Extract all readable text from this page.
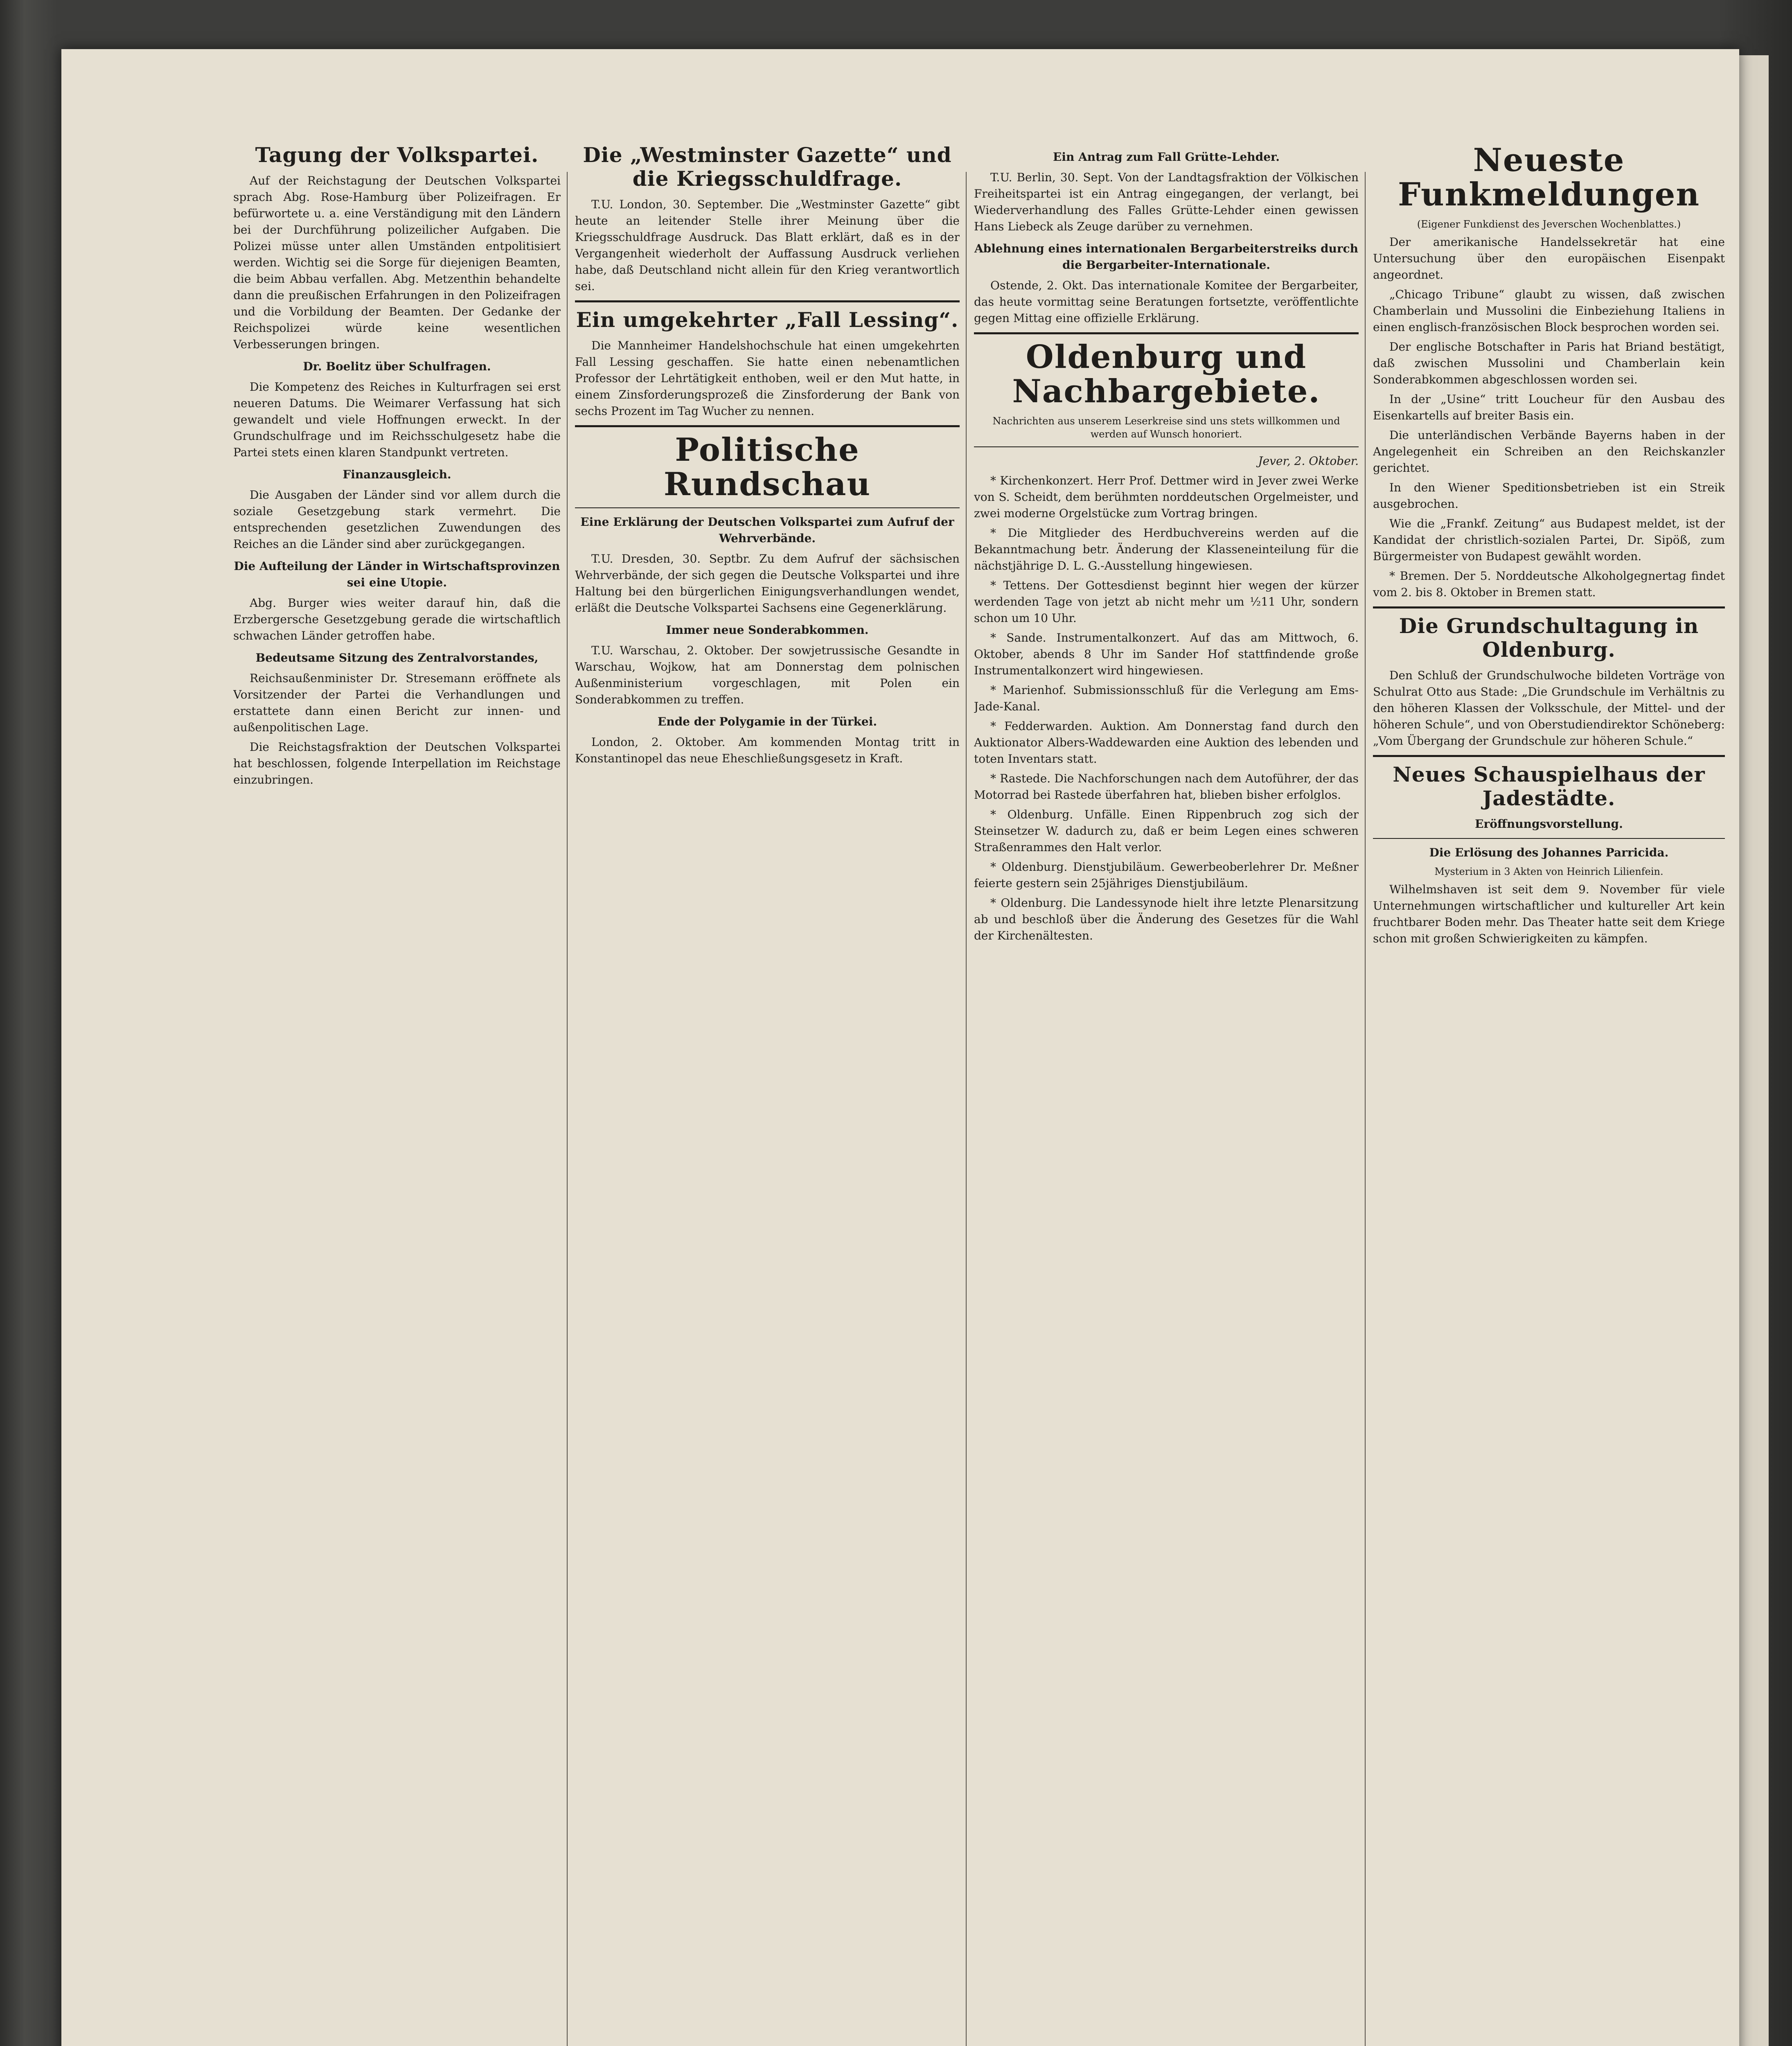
Tagung der Volkspartei.

Auf der Reichstagung der Deutschen Volkspartei sprach Abg. Rose-Hamburg über Polizeifragen. Er befürwortete u. a. eine Verständigung mit den Ländern bei der Durchführung polizeilicher Aufgaben. Die Polizei müsse unter allen Umständen entpolitisiert werden. Wichtig sei die Sorge für diejenigen Beamten, die beim Abbau verfallen. Abg. Metzenthin behandelte dann die preußischen Erfahrungen in den Polizeifragen und die Vorbildung der Beamten. Der Gedanke der Reichspolizei würde keine wesentlichen Verbesserungen bringen.

Dr. Boelitz über Schulfragen.

Die Kompetenz des Reiches in Kulturfragen sei erst neueren Datums. Die Weimarer Verfassung hat sich gewandelt und viele Hoffnungen erweckt. In der Grundschulfrage und im Reichsschulgesetz habe die Partei stets einen klaren Standpunkt vertreten.

Finanzausgleich.

Die Ausgaben der Länder sind vor allem durch die soziale Gesetzgebung stark vermehrt. Die entsprechenden gesetzlichen Zuwendungen des Reiches an die Länder sind aber zurückgegangen.

Die Aufteilung der Länder in Wirtschaftsprovinzen sei eine Utopie.

Abg. Burger wies weiter darauf hin, daß die Erzbergersche Gesetzgebung gerade die wirtschaftlich schwachen Länder getroffen habe.

Bedeutsame Sitzung des Zentralvorstandes,

Reichsaußenminister Dr. Stresemann eröffnete als Vorsitzender der Partei die Verhandlungen und erstattete dann einen Bericht zur innen- und außenpolitischen Lage.

Die Reichstagsfraktion der Deutschen Volkspartei hat beschlossen, folgende Interpellation im Reichstage einzubringen.

Die „Westminster Gazette“ und die Kriegsschuldfrage.

T.U. London, 30. September. Die „Westminster Gazette“ gibt heute an leitender Stelle ihrer Meinung über die Kriegsschuldfrage Ausdruck. Das Blatt erklärt, daß es in der Vergangenheit wiederholt der Auffassung Ausdruck verliehen habe, daß Deutschland nicht allein für den Krieg verantwortlich sei.

Ein umgekehrter „Fall Lessing“.

Die Mannheimer Handelshochschule hat einen umgekehrten Fall Lessing geschaffen. Sie hatte einen nebenamtlichen Professor der Lehrtätigkeit enthoben, weil er den Mut hatte, in einem Zinsforderungsprozeß die Zinsforderung der Bank von sechs Prozent im Tag Wucher zu nennen.

Politische Rundschau
Eine Erklärung der Deutschen Volkspartei zum Aufruf der Wehrverbände.

T.U. Dresden, 30. Septbr. Zu dem Aufruf der sächsischen Wehrverbände, der sich gegen die Deutsche Volkspartei und ihre Haltung bei den bürgerlichen Einigungsverhandlungen wendet, erläßt die Deutsche Volkspartei Sachsens eine Gegenerklärung.

Immer neue Sonderabkommen.

T.U. Warschau, 2. Oktober. Der sowjetrussische Gesandte in Warschau, Wojkow, hat am Donnerstag dem polnischen Außenministerium vorgeschlagen, mit Polen ein Sonderabkommen zu treffen.

Ende der Polygamie in der Türkei.

London, 2. Oktober. Am kommenden Montag tritt in Konstantinopel das neue Eheschließungsgesetz in Kraft.

Ein Antrag zum Fall Grütte-Lehder.

T.U. Berlin, 30. Sept. Von der Landtagsfraktion der Völkischen Freiheitspartei ist ein Antrag eingegangen, der verlangt, bei Wiederverhandlung des Falles Grütte-Lehder einen gewissen Hans Liebeck als Zeuge darüber zu vernehmen.

Ablehnung eines internationalen Bergarbeiterstreiks durch die Bergarbeiter-Internationale.

Ostende, 2. Okt. Das internationale Komitee der Bergarbeiter, das heute vormittag seine Beratungen fortsetzte, veröffentlichte gegen Mittag eine offizielle Erklärung.

Oldenburg und Nachbargebiete.

Nachrichten aus unserem Leserkreise sind uns stets willkommen und werden auf Wunsch honoriert.

Jever, 2. Oktober.

* Kirchenkonzert. Herr Prof. Dettmer wird in Jever zwei Werke von S. Scheidt, dem berühmten norddeutschen Orgelmeister, und zwei moderne Orgelstücke zum Vortrag bringen.

* Die Mitglieder des Herdbuchvereins werden auf die Bekanntmachung betr. Änderung der Klasseneinteilung für die nächstjährige D. L. G.-Ausstellung hingewiesen.

* Tettens. Der Gottesdienst beginnt hier wegen der kürzer werdenden Tage von jetzt ab nicht mehr um ½11 Uhr, sondern schon um 10 Uhr.

* Sande. Instrumentalkonzert. Auf das am Mittwoch, 6. Oktober, abends 8 Uhr im Sander Hof stattfindende große Instrumentalkonzert wird hingewiesen.

* Marienhof. Submissionsschluß für die Verlegung am Ems-Jade-Kanal.

* Fedderwarden. Auktion. Am Donnerstag fand durch den Auktionator Albers-Waddewarden eine Auktion des lebenden und toten Inventars statt.

* Rastede. Die Nachforschungen nach dem Autoführer, der das Motorrad bei Rastede überfahren hat, blieben bisher erfolglos.

* Oldenburg. Unfälle. Einen Rippenbruch zog sich der Steinsetzer W. dadurch zu, daß er beim Legen eines schweren Straßenrammes den Halt verlor.

* Oldenburg. Dienstjubiläum. Gewerbeoberlehrer Dr. Meßner feierte gestern sein 25jähriges Dienstjubiläum.

* Oldenburg. Die Landessynode hielt ihre letzte Plenarsitzung ab und beschloß über die Änderung des Gesetzes für die Wahl der Kirchenältesten.

Neueste Funkmeldungen

(Eigener Funkdienst des Jeverschen Wochenblattes.)

Der amerikanische Handelssekretär hat eine Untersuchung über den europäischen Eisenpakt angeordnet.

„Chicago Tribune“ glaubt zu wissen, daß zwischen Chamberlain und Mussolini die Einbeziehung Italiens in einen englisch-französischen Block besprochen worden sei.

Der englische Botschafter in Paris hat Briand bestätigt, daß zwischen Mussolini und Chamberlain kein Sonderabkommen abgeschlossen worden sei.

In der „Usine“ tritt Loucheur für den Ausbau des Eisenkartells auf breiter Basis ein.

Die unterländischen Verbände Bayerns haben in der Angelegenheit ein Schreiben an den Reichskanzler gerichtet.

In den Wiener Speditionsbetrieben ist ein Streik ausgebrochen.

Wie die „Frankf. Zeitung“ aus Budapest meldet, ist der Kandidat der christlich-sozialen Partei, Dr. Sipöß, zum Bürgermeister von Budapest gewählt worden.

* Bremen. Der 5. Norddeutsche Alkoholgegnertag findet vom 2. bis 8. Oktober in Bremen statt.

Die Grundschultagung in Oldenburg.

Den Schluß der Grundschulwoche bildeten Vorträge von Schulrat Otto aus Stade: „Die Grundschule im Verhältnis zu den höheren Klassen der Volksschule, der Mittel- und der höheren Schule“, und von Oberstudiendirektor Schöneberg: „Vom Übergang der Grundschule zur höheren Schule.“

Neues Schauspielhaus der Jadestädte.
Eröffnungsvorstellung.
Die Erlösung des Johannes Parricida.

Mysterium in 3 Akten von Heinrich Lilienfein.

Wilhelmshaven ist seit dem 9. November für viele Unternehmungen wirtschaftlicher und kultureller Art kein fruchtbarer Boden mehr. Das Theater hatte seit dem Kriege schon mit großen Schwierigkeiten zu kämpfen.
